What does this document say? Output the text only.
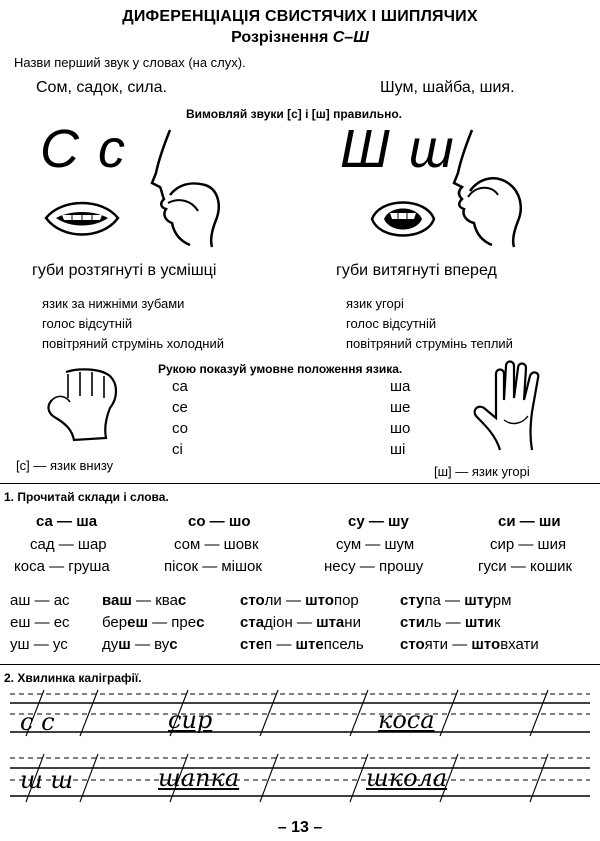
ДИФЕРЕНЦІАЦІЯ СВИСТЯЧИХ І ШИПЛЯЧИХ
Розрізнення С–Ш
Назви перший звук у словах (на слух).
Сом, садок, сила.	Шум, шайба, шия.
Вимовляй звуки [с] і [ш] правильно.
С с	Ш ш
губи розтягнуті в усмішці	губи витягнуті вперед
язик за нижніми зубами
голос відсутній
повітряний струмінь холодний
язик угорі
голос відсутній
повітряний струмінь теплий
Рукою показуй умовне положення язика.
са
се
со
сі
ша
ше
шо
ші
[с] — язик внизу	[ш] — язик угорі
1. Прочитай склади і слова.
са — ша	со — шо	су — шу	си — ши
сад — шар	сом — шовк	сум — шум	сир — шия
коса — груша	пісок — мішок	несу — прошу	гуси — кошик
аш — ас ваш — квас	столи — штопор	ступа — штурм
еш — ес береш — прес стадіон — штани	стиль — штик
уш — ус душ — вус	степ — штепсель стояти — штовхати
2. Хвилинка каліграфії.
с с	сир	коса
ш ш	шапка	школа
– 13 –
